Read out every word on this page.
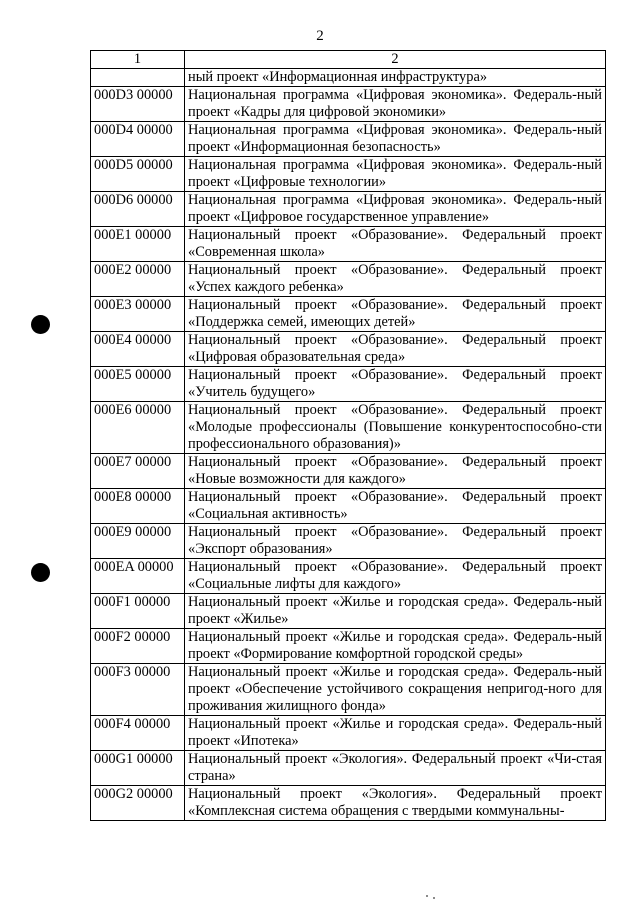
2
1	2
	ный проект «Информационная инфраструктура»
000D3 00000	Национальная программа «Цифровая экономика». Федераль-ный проект «Кадры для цифровой экономики»
000D4 00000	Национальная программа «Цифровая экономика». Федераль-ный проект «Информационная безопасность»
000D5 00000	Национальная программа «Цифровая экономика». Федераль-ный проект «Цифровые технологии»
000D6 00000	Национальная программа «Цифровая экономика». Федераль-ный проект «Цифровое государственное управление»
000E1 00000	Национальный проект «Образование». Федеральный проект «Современная школа»
000E2 00000	Национальный проект «Образование». Федеральный проект «Успех каждого ребенка»
000E3 00000	Национальный проект «Образование». Федеральный проект «Поддержка семей, имеющих детей»
000E4 00000	Национальный проект «Образование». Федеральный проект «Цифровая образовательная среда»
000E5 00000	Национальный проект «Образование». Федеральный проект «Учитель будущего»
000E6 00000	Национальный проект «Образование». Федеральный проект «Молодые профессионалы (Повышение конкурентоспособно-сти профессионального образования)»
000E7 00000	Национальный проект «Образование». Федеральный проект «Новые возможности для каждого»
000E8 00000	Национальный проект «Образование». Федеральный проект «Социальная активность»
000E9 00000	Национальный проект «Образование». Федеральный проект «Экспорт образования»
000EA 00000	Национальный проект «Образование». Федеральный проект «Социальные лифты для каждого»
000F1 00000	Национальный проект «Жилье и городская среда». Федераль-ный проект «Жилье»
000F2 00000	Национальный проект «Жилье и городская среда». Федераль-ный проект «Формирование комфортной городской среды»
000F3 00000	Национальный проект «Жилье и городская среда». Федераль-ный проект «Обеспечение устойчивого сокращения непригод-ного для проживания жилищного фонда»
000F4 00000	Национальный проект «Жилье и городская среда». Федераль-ный проект «Ипотека»
000G1 00000	Национальный проект «Экология». Федеральный проект «Чи-стая страна»
000G2 00000	Национальный проект «Экология». Федеральный проект «Комплексная система обращения с твердыми коммунальны-
